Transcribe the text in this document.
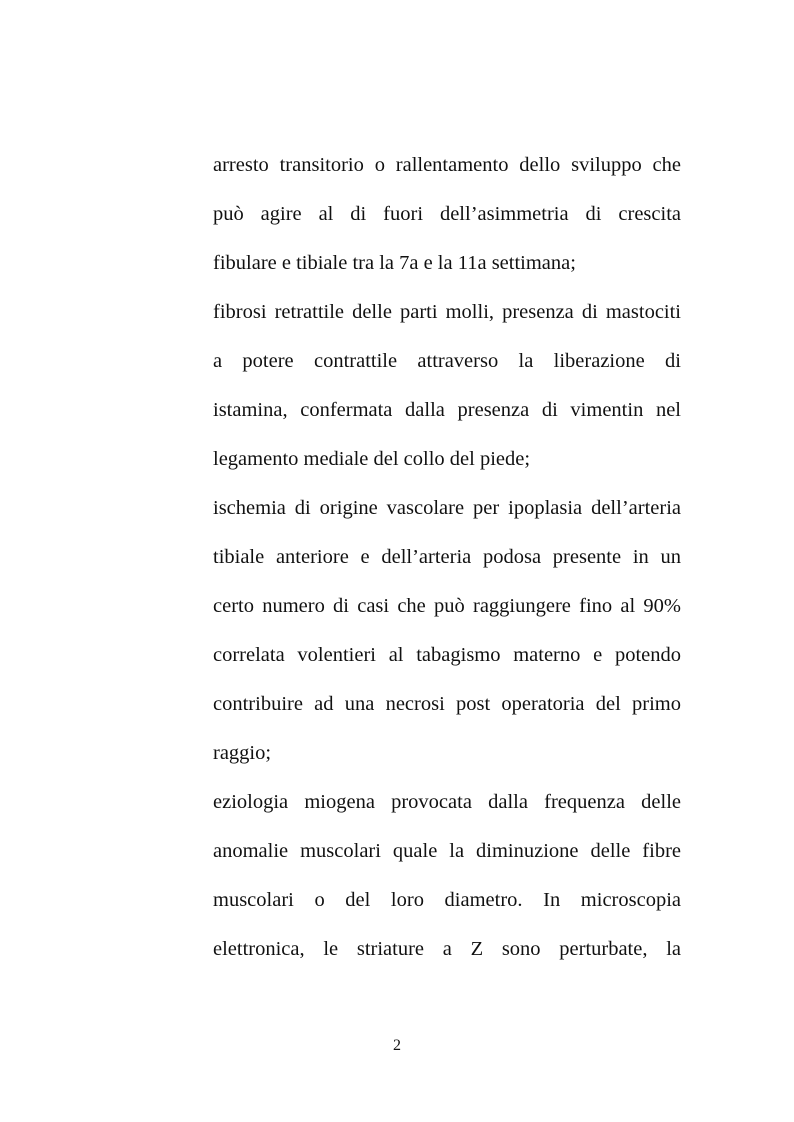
arresto transitorio o rallentamento dello sviluppo che
può agire al di fuori dell’asimmetria di crescita
fibulare e tibiale tra la 7a e la 11a settimana;
fibrosi retrattile delle parti molli, presenza di mastociti
a potere contrattile attraverso la liberazione di
istamina, confermata dalla presenza di vimentin nel
legamento mediale del collo del piede;
ischemia di origine vascolare per ipoplasia dell’arteria
tibiale anteriore e dell’arteria podosa presente in un
certo numero di casi che può raggiungere fino al 90%
correlata volentieri al tabagismo materno e potendo
contribuire ad una necrosi post operatoria del primo
raggio;
eziologia miogena provocata dalla frequenza delle
anomalie muscolari quale la diminuzione delle fibre
muscolari o del loro diametro. In microscopia
elettronica, le striature a Z sono perturbate, la
2
